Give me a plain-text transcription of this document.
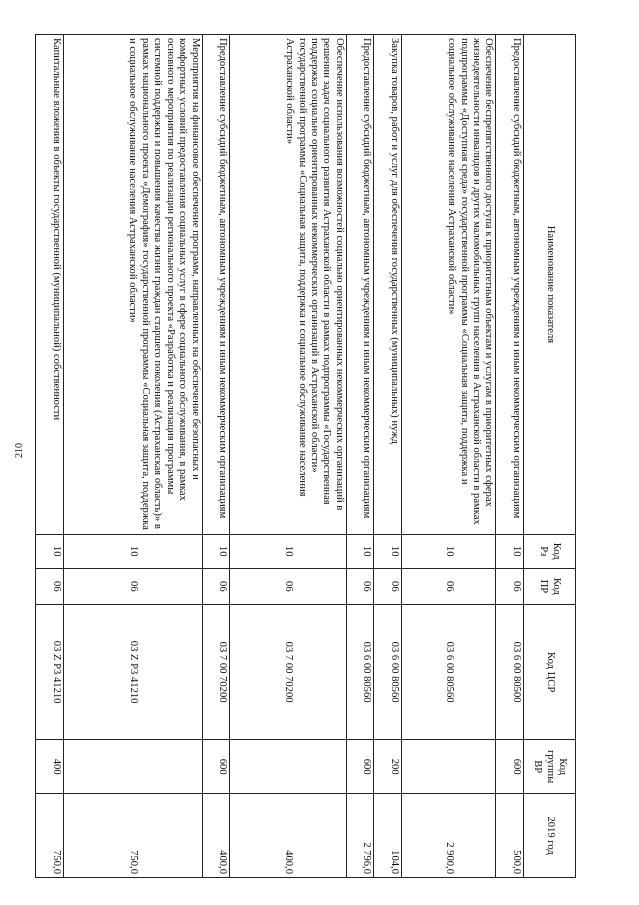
210
Наименование показателя	Код Рз	Код ПР	Код ЦСР	Код группы ВР	2019 год
Предоставление субсидий бюджетным, автономным учреждениям и иным некоммерческим организациям	10	06	03 6 00 80500	600	500,0
Обеспечение беспрепятственного доступа к приоритетным объектам и услугам в приоритетных сферах жизнедеятельности инвалидов и других маломобильных групп населения в Астраханской области в рамках подпрограммы «Доступная среда» государственной программы «Социальная защита, поддержка и социальное обслуживание населения Астраханской области»	10	06	03 6 00 80560		2 900,0
Закупка товаров, работ и услуг для обеспечения государственных (муниципальных) нужд	10	06	03 6 00 80560	200	104,0
Предоставление субсидий бюджетным, автономным учреждениям и иным некоммерческим организациям	10	06	03 6 00 80560	600	2 796,0
Обеспечение использования возможностей социально ориентированных некоммерческих организаций в решении задач социального развития Астраханской области в рамках подпрограммы «Государственная поддержка социально ориентированных некоммерческих организаций в Астраханской области» государственной программы «Социальная защита, поддержка и социальное обслуживание населения Астраханской области»	10	06	03 7 00 70200		400,0
Предоставление субсидий бюджетным, автономным учреждениям и иным некоммерческим организациям	10	06	03 7 00 70200	600	400,0
Мероприятия на финансовое обеспечение программ, направленных на обеспечение безопасных и комфортных условий предоставления социальных услуг в сфере социального обслуживания, в рамках основного мероприятия по реализации регионального проекта «Разработка и реализация программы системной поддержки и повышения качества жизни граждан старшего поколения (Астраханская область)» в рамках национального проекта «Демография» государственной программы «Социальная защита, поддержка и социальное обслуживание населения Астраханской области»	10	06	03 Z P3 41210		750,0
Капитальные вложения в объекты государственной (муниципальной) собственности	10	06	03 Z P3 41210	400	750,0
